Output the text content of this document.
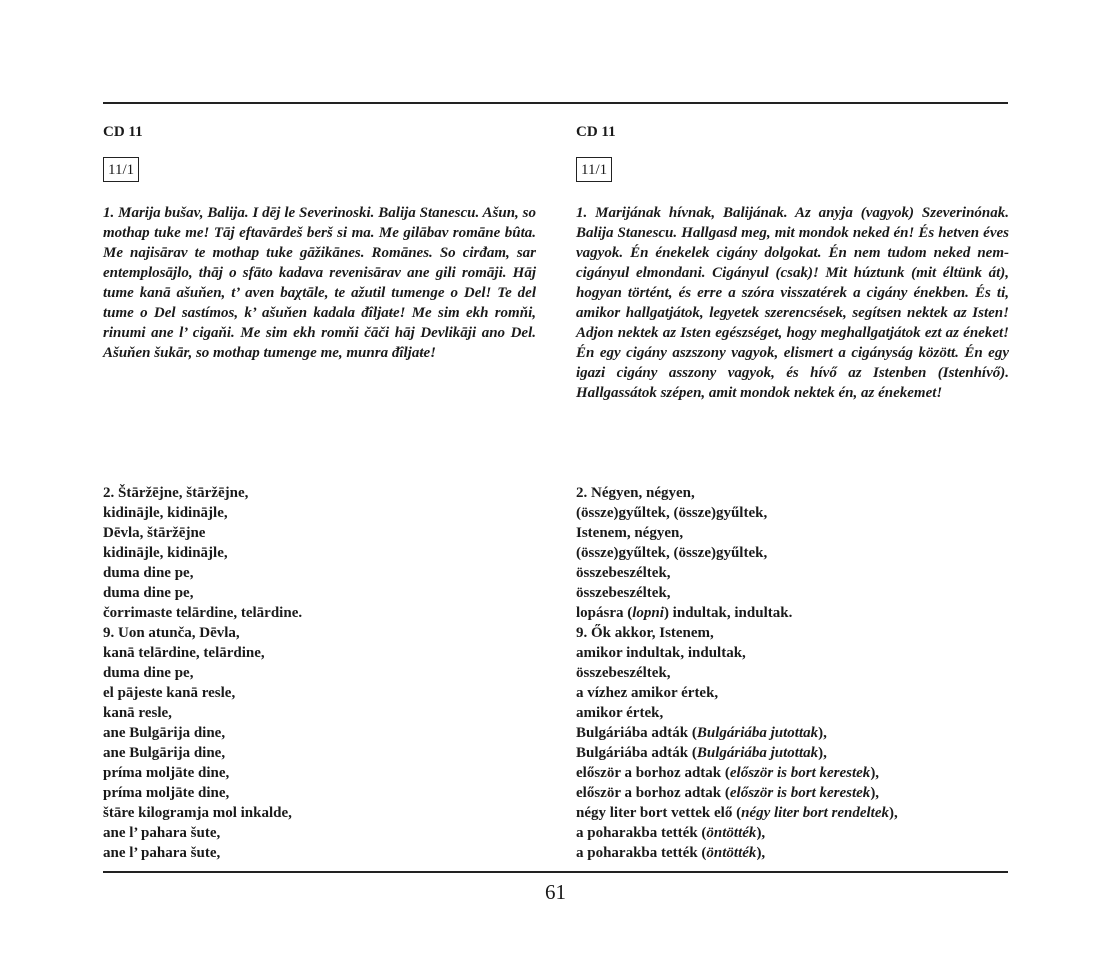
CD 11
11/1

1. Marija bušav, Balija. I dēj le Severinoski. Balija Stanescu. Ašun, so mothap tuke me! Tāj eftavārdeš berš si ma. Me gilābav romāne bûta. Me najisārav te mothap tuke gāžikānes. Romānes. So cirđam, sar entemplosājlo, thāj o sfāto kadava revenisārav ane gili romāji. Hāj tume kanā ašuňen, t’ aven baχtāle, te ažutil tumenge o Del! Te del tume o Del sastímos, k’ ašuňen kadala đîljaŧe! Me sim ekh romňi, rinumi ane l’ cigaňi. Me sim ekh romňi čāči hāj Devlikāji ano Del. Ašuňen šukār, so mothap tumenge me, munra đîljaŧe!

2. Štāržējne, štāržējne,
kidinājle, kidinājle,
Dēvla, štāržējne
kidinājle, kidinājle,
duma dine pe,
duma dine pe,
čorrimaste telārdine, telārdine.
9. Uon atunča, Dēvla,
kanā telārdine, telārdine,
duma dine pe,
el pājeste kanā resle,
kanā resle,
ane Bulgārija dine,
ane Bulgārija dine,
príma moljāte dine,
príma moljāte dine,
štāre kilogramja mol inkalde,
ane l’ pahara šute,
ane l’ pahara šute,
CD 11
11/1

1. Marijának hívnak, Balijának. Az anyja (vagyok) Szeverinónak. Balija Stanescu. Hallgasd meg, mit mondok neked én! És hetven éves vagyok. Én énekelek cigány dolgokat. Én nem tudom neked nem-cigányul elmondani. Cigányul (csak)! Mit húztunk (mit éltünk át), hogyan történt, és erre a szóra visszatérek a cigány énekben. És ti, amikor hallgatjátok, legyetek szerencsések, segítsen nektek az Isten! Adjon nektek az Isten egészséget, hogy meghallgatjátok ezt az éneket! Én egy cigány aszszony vagyok, elismert a cigányság között. Én egy igazi cigány asszony vagyok, és hívő az Istenben (Istenhívő). Hallgassátok szépen, amit mondok nektek én, az énekemet!

2. Négyen, négyen,
(össze)gyűltek, (össze)gyűltek,
Istenem, négyen,
(össze)gyűltek, (össze)gyűltek,
összebeszéltek,
összebeszéltek,
lopásra (lopni) indultak, indultak.
9. Ők akkor, Istenem,
amikor indultak, indultak,
összebeszéltek,
a vízhez amikor értek,
amikor értek,
Bulgáriába adták (Bulgáriába jutottak),
Bulgáriába adták (Bulgáriába jutottak),
először a borhoz adtak (először is bort kerestek),
először a borhoz adtak (először is bort kerestek),
négy liter bort vettek elő (négy liter bort rendeltek),
a poharakba tették (öntötték),
a poharakba tették (öntötték),
61
